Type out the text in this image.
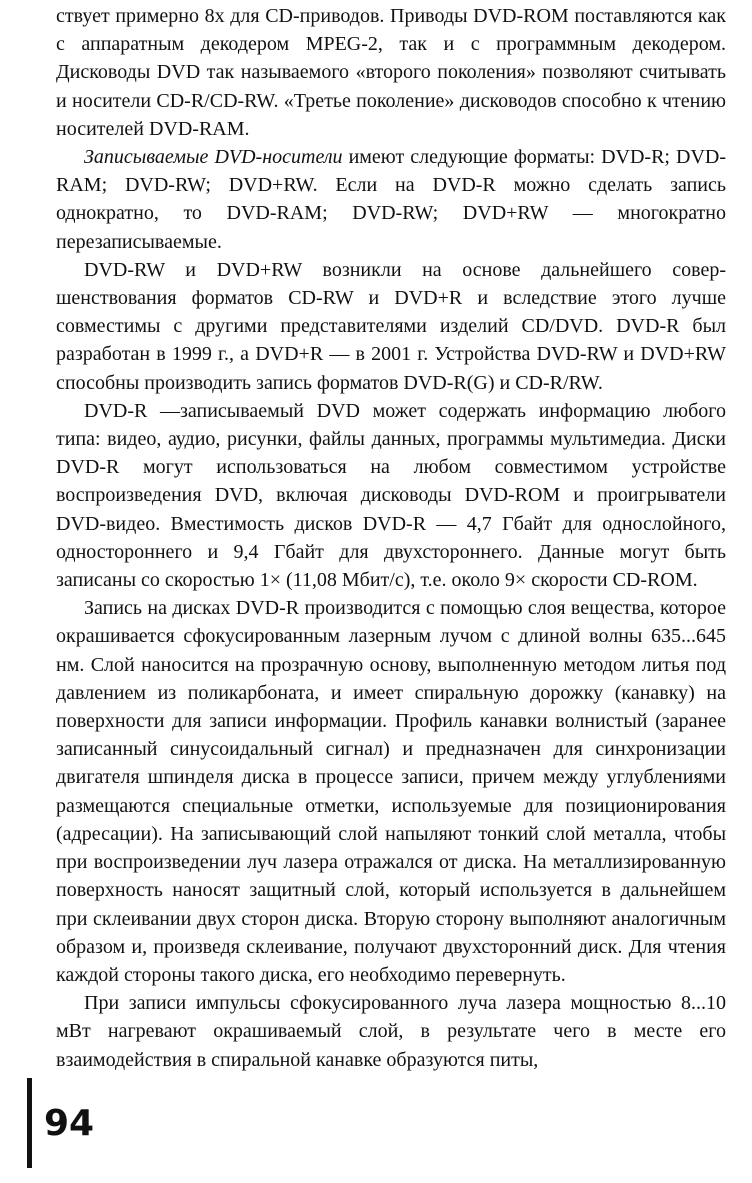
ствует примерно 8х для CD-приводов. Приводы DVD-ROM поставляются как с аппаратным декодером MPEG-2, так и с программным декодером. Дисководы DVD так называемого «второго поколения» позволяют считывать и носители CD-R/CD-RW. «Третье поколение» дисководов способно к чтению носителей DVD-RAM.

Записываемые DVD-носители имеют следующие форматы: DVD-R; DVD-RAM; DVD-RW; DVD+RW. Если на DVD-R можно сделать запись однократно, то DVD-RAM; DVD-RW; DVD+RW — многократно перезаписываемые.

DVD-RW и DVD+RW возникли на основе дальнейшего совершенствования форматов CD-RW и DVD+R и вследствие этого лучше совместимы с другими представителями изделий CD/DVD. DVD-R был разработан в 1999 г., а DVD+R — в 2001 г. Устройства DVD-RW и DVD+RW способны производить запись форматов DVD-R(G) и CD-R/RW.

DVD-R —записываемый DVD может содержать информацию любого типа: видео, аудио, рисунки, файлы данных, программы мультимедиа. Диски DVD-R могут использоваться на любом совместимом устройстве воспроизведения DVD, включая дисководы DVD-ROM и проигрыватели DVD-видео. Вместимость дисков DVD-R — 4,7 Гбайт для однослойного, одностороннего и 9,4 Гбайт для двухстороннего. Данные могут быть записаны со скоростью 1× (11,08 Мбит/с), т.е. около 9× скорости CD-ROM.

Запись на дисках DVD-R производится с помощью слоя вещества, которое окрашивается сфокусированным лазерным лучом с длиной волны 635...645 нм. Слой наносится на прозрачную основу, выполненную методом литья под давлением из поликарбоната, и имеет спиральную дорожку (канавку) на поверхности для записи информации. Профиль канавки волнистый (заранее записанный синусоидальный сигнал) и предназначен для синхронизации двигателя шпинделя диска в процессе записи, причем между углублениями размещаются специальные отметки, используемые для позиционирования (адресации). На записывающий слой напыляют тонкий слой металла, чтобы при воспроизведении луч лазера отражался от диска. На металлизированную поверхность наносят защитный слой, который используется в дальнейшем при склеивании двух сторон диска. Вторую сторону выполняют аналогичным образом и, произведя склеивание, получают двухсторонний диск. Для чтения каждой стороны такого диска, его необходимо перевернуть.

При записи импульсы сфокусированного луча лазера мощностью 8...10 мВт нагревают окрашиваемый слой, в результате чего в месте его взаимодействия в спиральной канавке образуются питы,

94
